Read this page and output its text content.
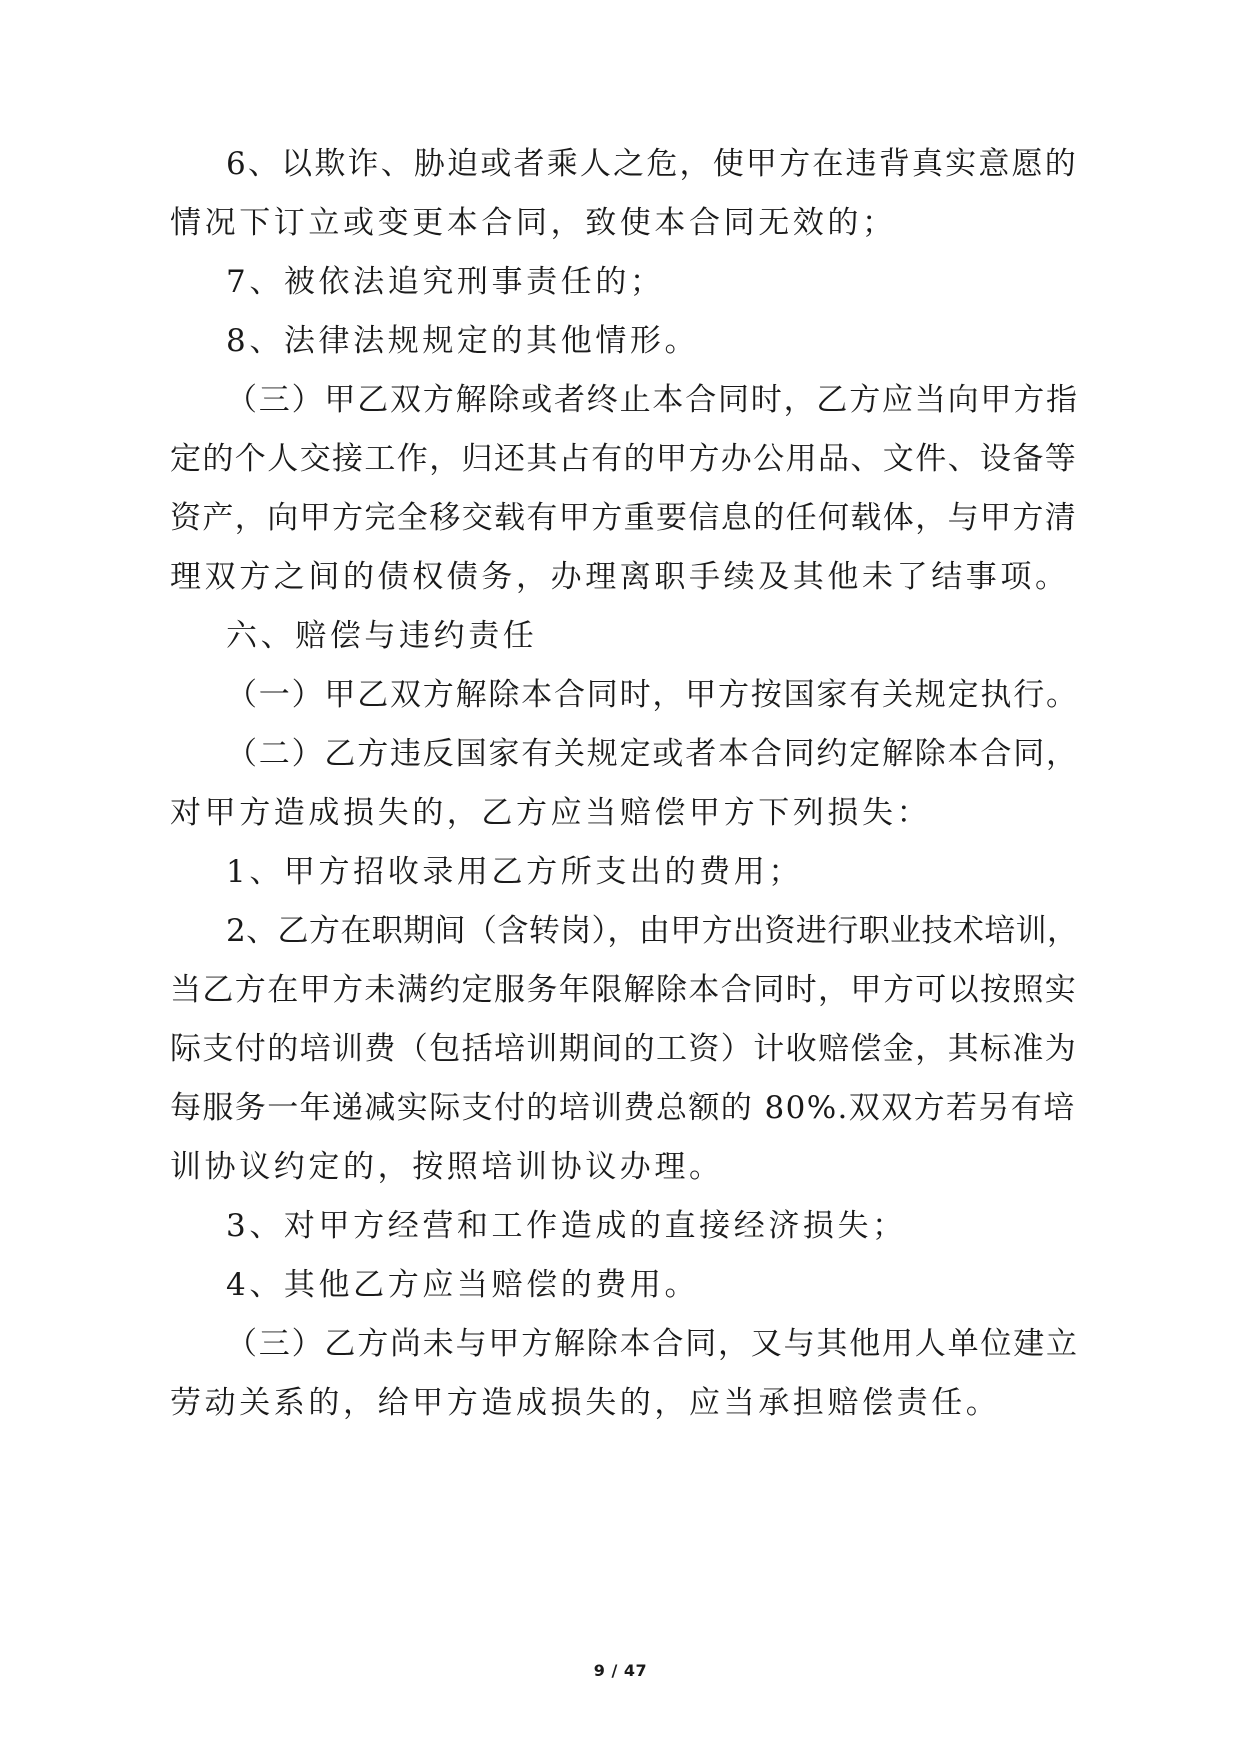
6、以欺诈、胁迫或者乘人之危，使甲方在违背真实意愿的
情况下订立或变更本合同，致使本合同无效的；
7、被依法追究刑事责任的；
8、法律法规规定的其他情形。
（三）甲乙双方解除或者终止本合同时，乙方应当向甲方指
定的个人交接工作，归还其占有的甲方办公用品、文件、设备等
资产，向甲方完全移交载有甲方重要信息的任何载体，与甲方清
理双方之间的债权债务，办理离职手续及其他未了结事项。
六、赔偿与违约责任
（一）甲乙双方解除本合同时，甲方按国家有关规定执行。
（二）乙方违反国家有关规定或者本合同约定解除本合同，
对甲方造成损失的，乙方应当赔偿甲方下列损失：
1、甲方招收录用乙方所支出的费用；
2、乙方在职期间（含转岗），由甲方出资进行职业技术培训，
当乙方在甲方未满约定服务年限解除本合同时，甲方可以按照实
际支付的培训费（包括培训期间的工资）计收赔偿金，其标准为
每服务一年递减实际支付的培训费总额的 80%.双双方若另有培
训协议约定的，按照培训协议办理。
3、对甲方经营和工作造成的直接经济损失；
4、其他乙方应当赔偿的费用。
（三）乙方尚未与甲方解除本合同，又与其他用人单位建立
劳动关系的，给甲方造成损失的，应当承担赔偿责任。
9 / 47
